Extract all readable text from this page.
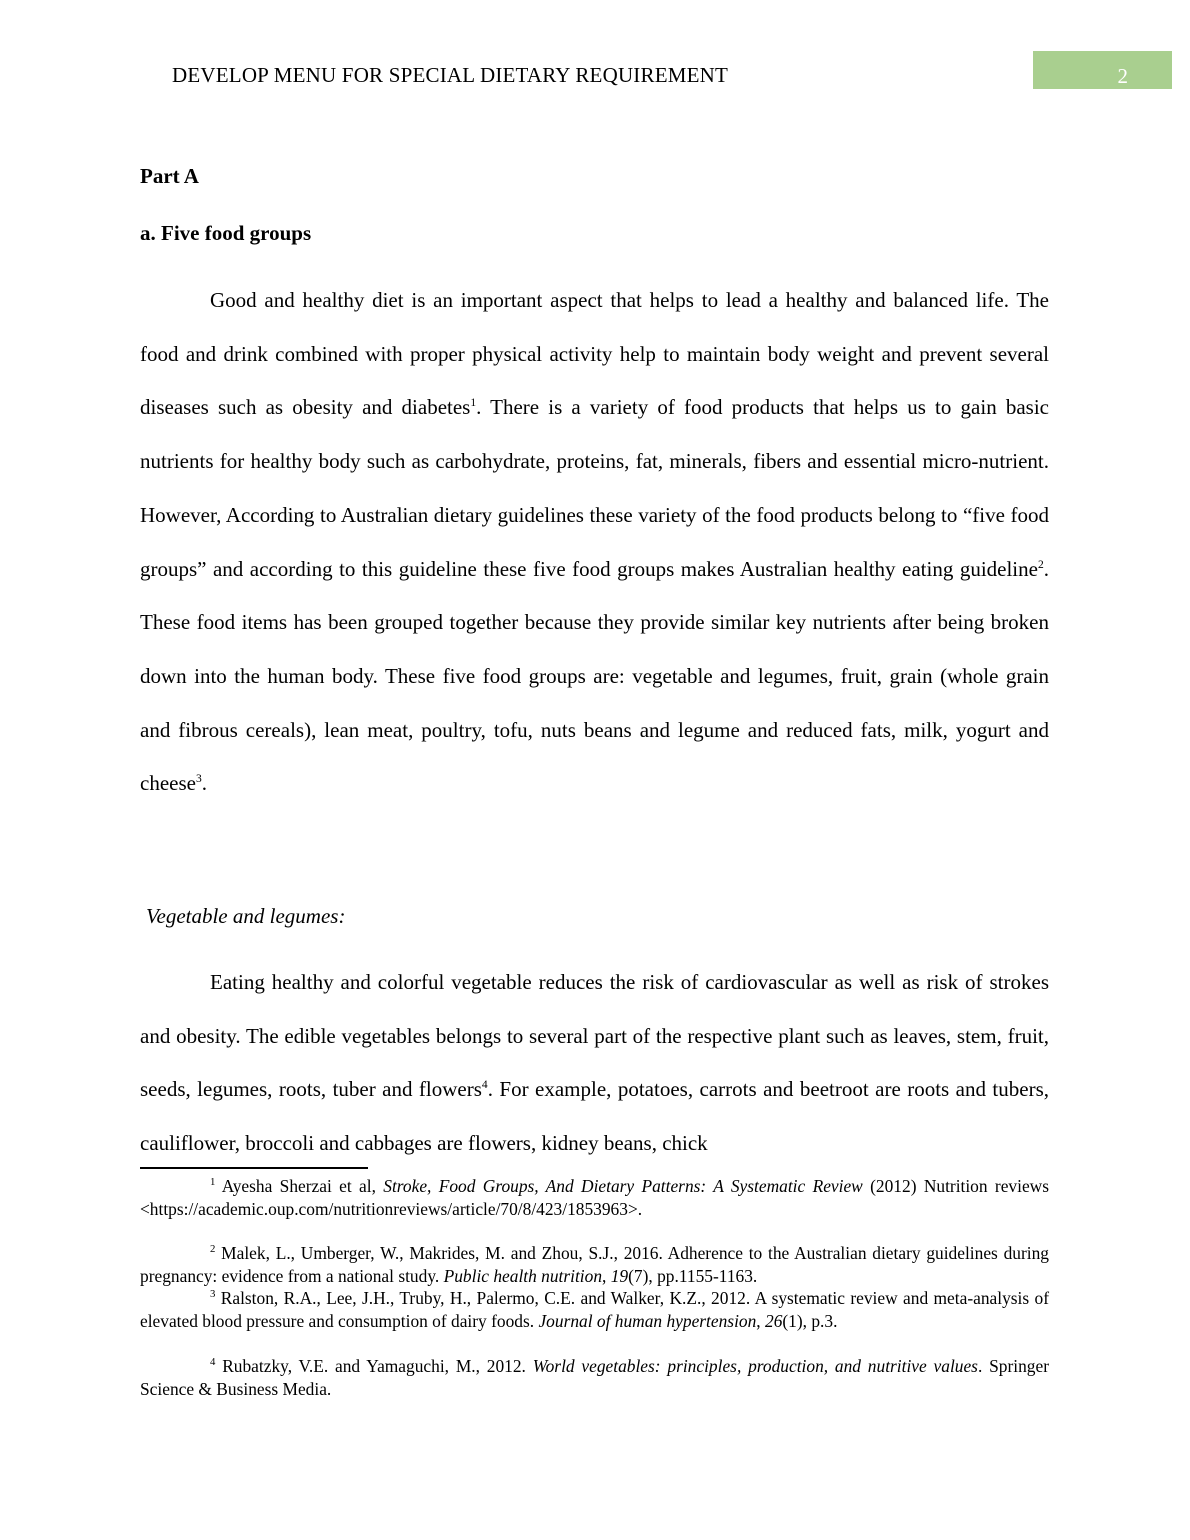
DEVELOP MENU FOR SPECIAL DIETARY REQUIREMENT	2
Part A
a. Five food groups

Good and healthy diet is an important aspect that helps to lead a healthy and balanced life. The food and drink combined with proper physical activity help to maintain body weight and prevent several diseases such as obesity and diabetes$^1$. There is a variety of food products that helps us to gain basic nutrients for healthy body such as carbohydrate, proteins, fat, minerals, fibers and essential micro-nutrient. However, According to Australian dietary guidelines these variety of the food products belong to “five food groups” and according to this guideline these five food groups makes Australian healthy eating guideline$^2$. These food items has been grouped together because they provide similar key nutrients after being broken down into the human body. These five food groups are: vegetable and legumes, fruit, grain (whole grain and fibrous cereals), lean meat, poultry, tofu, nuts beans and legume and reduced fats, milk, yogurt and cheese$^3$.

Vegetable and legumes:

Eating healthy and colorful vegetable reduces the risk of cardiovascular as well as risk of strokes and obesity. The edible vegetables belongs to several part of the respective plant such as leaves, stem, fruit, seeds, legumes, roots, tuber and flowers$^4$. For example, potatoes, carrots and beetroot are roots and tubers, cauliflower, broccoli and cabbages are flowers, kidney beans, chick

$^1$ Ayesha Sherzai et al, Stroke, Food Groups, And Dietary Patterns: A Systematic Review (2012) Nutrition reviews <https://academic.oup.com/nutritionreviews/article/70/8/423/1853963>.

$^2$ Malek, L., Umberger, W., Makrides, M. and Zhou, S.J., 2016. Adherence to the Australian dietary guidelines during pregnancy: evidence from a national study. Public health nutrition, 19(7), pp.1155-1163.

$^3$ Ralston, R.A., Lee, J.H., Truby, H., Palermo, C.E. and Walker, K.Z., 2012. A systematic review and meta-analysis of elevated blood pressure and consumption of dairy foods. Journal of human hypertension, 26(1), p.3.

$^4$ Rubatzky, V.E. and Yamaguchi, M., 2012. World vegetables: principles, production, and nutritive values. Springer Science & Business Media.
